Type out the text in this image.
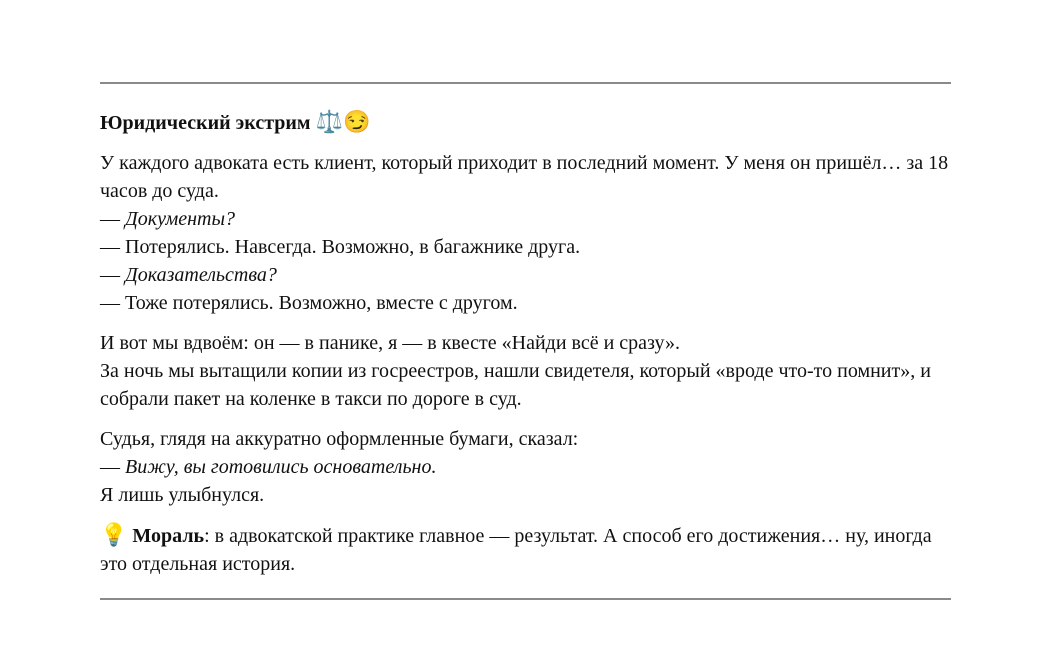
Юридический экстрим ⚖️😏

У каждого адвоката есть клиент, который приходит в последний момент. У меня он пришёл… за 18 часов до суда.
— Документы?
— Потерялись. Навсегда. Возможно, в багажнике друга.
— Доказательства?
— Тоже потерялись. Возможно, вместе с другом.

И вот мы вдвоём: он — в панике, я — в квесте «Найди всё и сразу».
За ночь мы вытащили копии из госреестров, нашли свидетеля, который «вроде что-то помнит», и собрали пакет на коленке в такси по дороге в суд.

Судья, глядя на аккуратно оформленные бумаги, сказал:
— Вижу, вы готовились основательно.
Я лишь улыбнулся.

💡 Мораль: в адвокатской практике главное — результат. А способ его достижения… ну, иногда это отдельная история.
